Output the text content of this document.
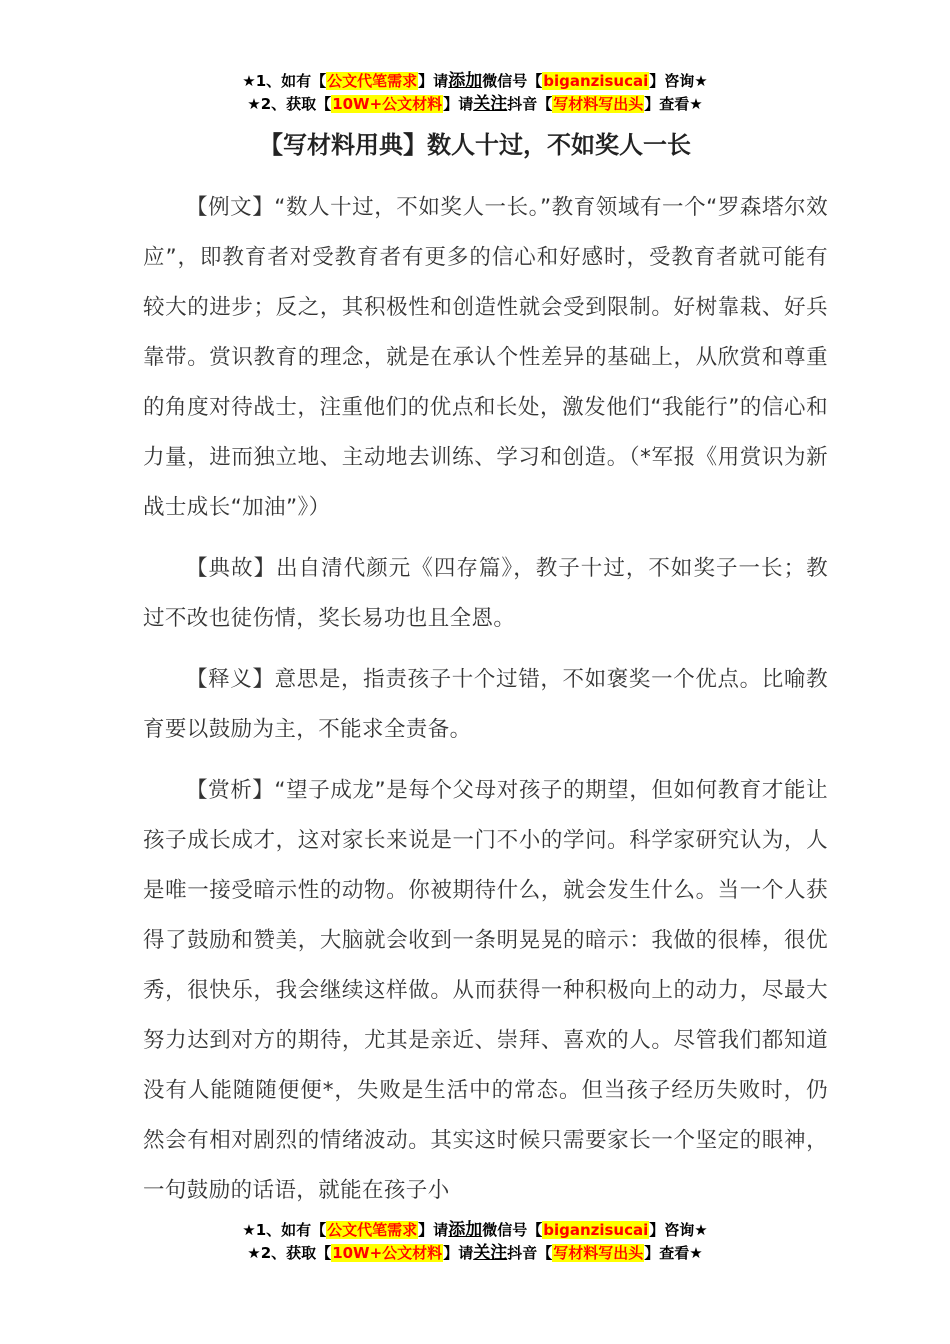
★1、如有【公文代笔需求】请添加微信号【biganzisucai】咨询★
★2、获取【10W+公文材料】请关注抖音【写材料写出头】查看★
【写材料用典】数人十过，不如奖人一长

【例文】“数人十过，不如奖人一长。”教育领域有一个“罗森塔尔效应”，即教育者对受教育者有更多的信心和好感时，受教育者就可能有较大的进步；反之，其积极性和创造性就会受到限制。好树靠栽、好兵靠带。赏识教育的理念，就是在承认个性差异的基础上，从欣赏和尊重的角度对待战士，注重他们的优点和长处，激发他们“我能行”的信心和力量，进而独立地、主动地去训练、学习和创造。（*军报《用赏识为新战士成长“加油”》）

【典故】出自清代颜元《四存篇》，教子十过，不如奖子一长；教过不改也徒伤情，奖长易功也且全恩。

【释义】意思是，指责孩子十个过错，不如褒奖一个优点。比喻教育要以鼓励为主，不能求全责备。

【赏析】“望子成龙”是每个父母对孩子的期望，但如何教育才能让孩子成长成才，这对家长来说是一门不小的学问。科学家研究认为，人是唯一接受暗示性的动物。你被期待什么，就会发生什么。当一个人获得了鼓励和赞美，大脑就会收到一条明晃晃的暗示：我做的很棒，很优秀，很快乐，我会继续这样做。从而获得一种积极向上的动力，尽最大努力达到对方的期待，尤其是亲近、崇拜、喜欢的人。尽管我们都知道没有人能随随便便*，失败是生活中的常态。但当孩子经历失败时，仍然会有相对剧烈的情绪波动。其实这时候只需要家长一个坚定的眼神，一句鼓励的话语，就能在孩子小

★1、如有【公文代笔需求】请添加微信号【biganzisucai】咨询★
★2、获取【10W+公文材料】请关注抖音【写材料写出头】查看★
